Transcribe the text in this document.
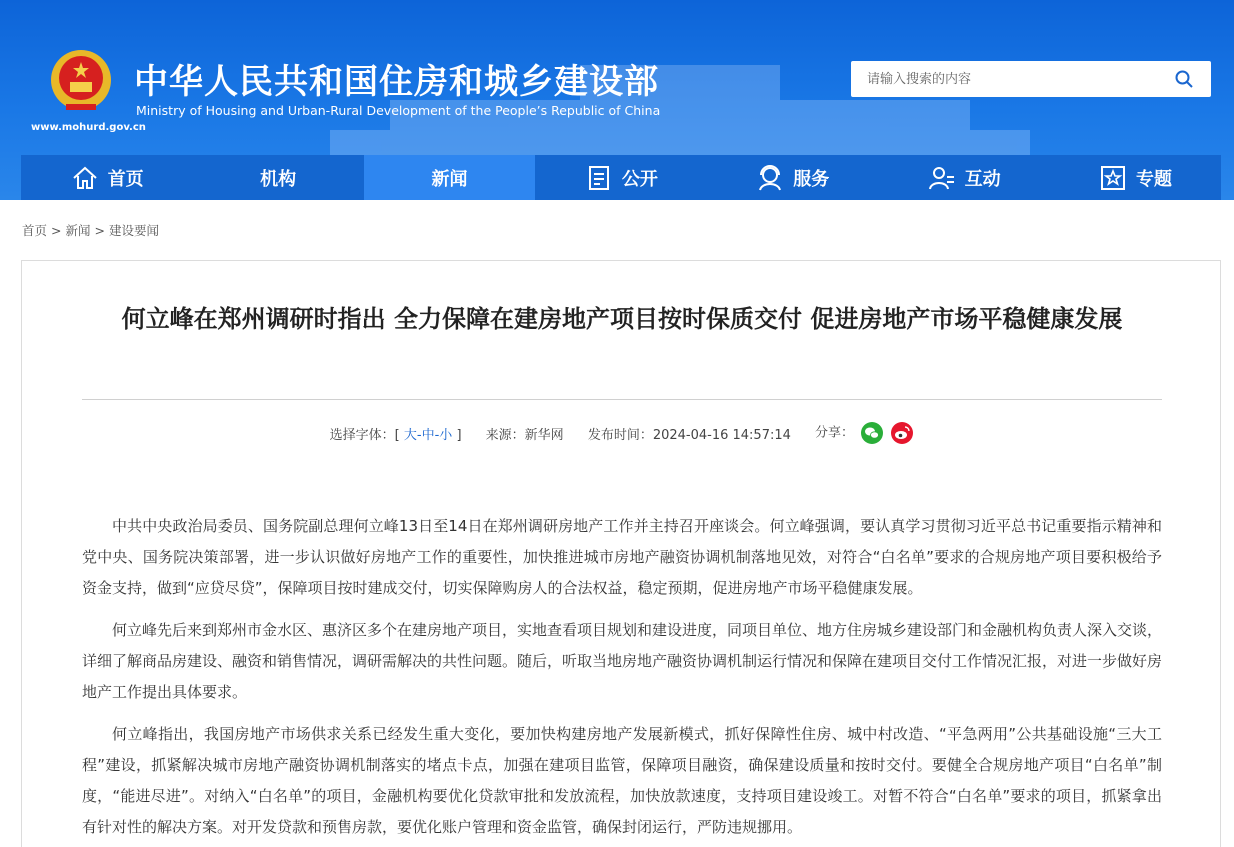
www.mohurd.gov.cn
中华人民共和国住房和城乡建设部
Ministry of Housing and Urban-Rural Development of the People’s Republic of China
请输入搜索的内容
首页	机构	新闻	公开	服务	互动	专题
首页 > 新闻 > 建设要闻
何立峰在郑州调研时指出 全力保障在建房地产项目按时保质交付 促进房地产市场平稳健康发展
选择字体：[ 大-中-小 ] 来源：新华网 发布时间：2024-04-16 14:57:14 分享：

中共中央政治局委员、国务院副总理何立峰13日至14日在郑州调研房地产工作并主持召开座谈会。何立峰强调，要认真学习贯彻习近平总书记重要指示精神和党中央、国务院决策部署，进一步认识做好房地产工作的重要性，加快推进城市房地产融资协调机制落地见效，对符合“白名单”要求的合规房地产项目要积极给予资金支持，做到“应贷尽贷”，保障项目按时建成交付，切实保障购房人的合法权益，稳定预期，促进房地产市场平稳健康发展。

何立峰先后来到郑州市金水区、惠济区多个在建房地产项目，实地查看项目规划和建设进度，同项目单位、地方住房城乡建设部门和金融机构负责人深入交谈，详细了解商品房建设、融资和销售情况，调研需解决的共性问题。随后，听取当地房地产融资协调机制运行情况和保障在建项目交付工作情况汇报，对进一步做好房地产工作提出具体要求。

何立峰指出，我国房地产市场供求关系已经发生重大变化，要加快构建房地产发展新模式，抓好保障性住房、城中村改造、“平急两用”公共基础设施“三大工程”建设，抓紧解决城市房地产融资协调机制落实的堵点卡点，加强在建项目监管，保障项目融资，确保建设质量和按时交付。要健全合规房地产项目“白名单”制度，“能进尽进”。对纳入“白名单”的项目，金融机构要优化贷款审批和发放流程，加快放款速度，支持项目建设竣工。对暂不符合“白名单”要求的项目，抓紧拿出有针对性的解决方案。对开发贷款和预售房款，要优化账户管理和资金监管，确保封闭运行，严防违规挪用。
